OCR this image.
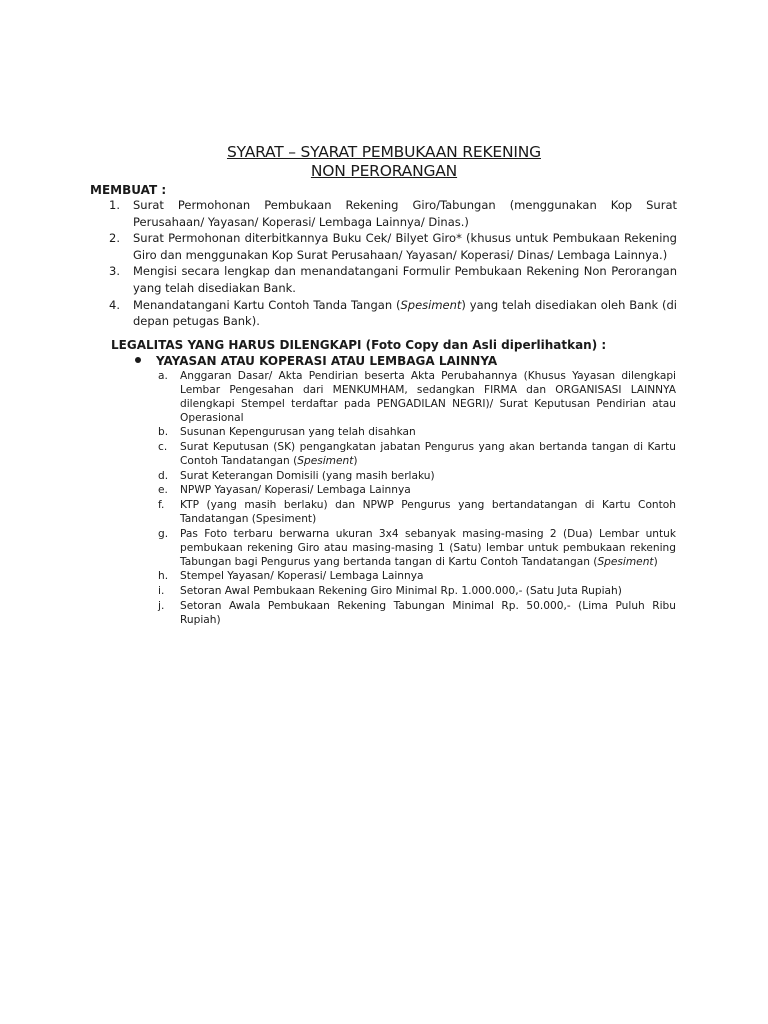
SYARAT – SYARAT PEMBUKAAN REKENING
NON PERORANGAN
MEMBUAT :
1. Surat Permohonan Pembukaan Rekening Giro/Tabungan (menggunakan Kop Surat Perusahaan/ Yayasan/ Koperasi/ Lembaga Lainnya/ Dinas.)
2. Surat Permohonan diterbitkannya Buku Cek/ Bilyet Giro* (khusus untuk Pembukaan Rekening Giro dan menggunakan Kop Surat Perusahaan/ Yayasan/ Koperasi/ Dinas/ Lembaga Lainnya.)
3. Mengisi secara lengkap dan menandatangani Formulir Pembukaan Rekening Non Perorangan yang telah disediakan Bank.
4. Menandatangani Kartu Contoh Tanda Tangan (Spesiment) yang telah disediakan oleh Bank (di depan petugas Bank).
LEGALITAS YANG HARUS DILENGKAPI (Foto Copy dan Asli diperlihatkan) :
YAYASAN ATAU KOPERASI ATAU LEMBAGA LAINNYA
a. Anggaran Dasar/ Akta Pendirian beserta Akta Perubahannya (Khusus Yayasan dilengkapi Lembar Pengesahan dari MENKUMHAM, sedangkan FIRMA dan ORGANISASI LAINNYA dilengkapi Stempel terdaftar pada PENGADILAN NEGRI)/ Surat Keputusan Pendirian atau Operasional
b. Susunan Kepengurusan yang telah disahkan
c. Surat Keputusan (SK) pengangkatan jabatan Pengurus yang akan bertanda tangan di Kartu Contoh Tandatangan (Spesiment)
d. Surat Keterangan Domisili (yang masih berlaku)
e. NPWP Yayasan/ Koperasi/ Lembaga Lainnya
f. KTP (yang masih berlaku) dan NPWP Pengurus yang bertandatangan di Kartu Contoh Tandatangan (Spesiment)
g. Pas Foto terbaru berwarna ukuran 3x4 sebanyak masing-masing 2 (Dua) Lembar untuk pembukaan rekening Giro atau masing-masing 1 (Satu) lembar untuk pembukaan rekening Tabungan bagi Pengurus yang bertanda tangan di Kartu Contoh Tandatangan (Spesiment)
h. Stempel Yayasan/ Koperasi/ Lembaga Lainnya
i. Setoran Awal Pembukaan Rekening Giro Minimal Rp. 1.000.000,- (Satu Juta Rupiah)
j. Setoran Awala Pembukaan Rekening Tabungan Minimal Rp. 50.000,- (Lima Puluh Ribu Rupiah)
